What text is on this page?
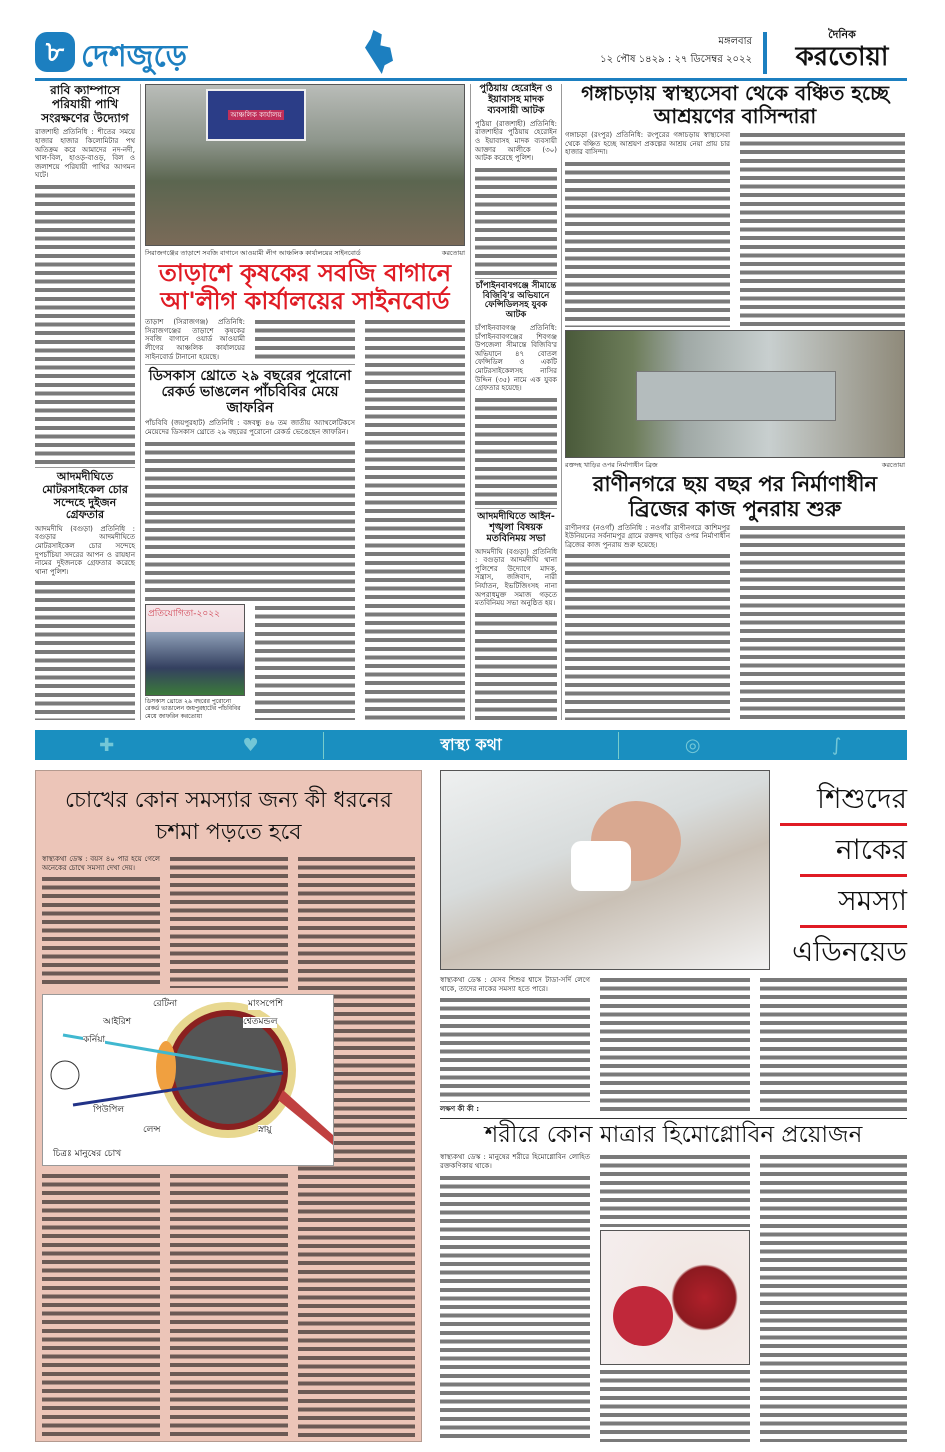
৮ দেশজুড়ে	মঙ্গলবার
১২ পৌষ ১৪২৯ : ২৭ ডিসেম্বর ২০২২
দৈনিক
করতোয়া
রাবি ক্যাম্পাসে পরিযায়ী পাখি সংরক্ষণের উদ্যোগ
রাজশাহী প্রতিনিধি : শীতের সময়ে হাজার হাজার কিলোমিটার পথ অতিক্রম করে আমাদের নদ-নদী, খাল-বিল, হাওড়-বাওড়, বিল ও জলাশয়ে পরিযায়ী পাখির আগমন ঘটে।
আদমদীঘিতে মোটরসাইকেল চোর সন্দেহে দুইজন গ্রেফতার
আদমদীঘি (বগুড়া) প্রতিনিধি : বগুড়ার আদমদীঘিতে মোটরসাইকেল চোর সন্দেহে দুপচাঁচিয়া সদরের আপন ও রায়হান নামের দুইজনকে গ্রেফতার করেছে থানা পুলিশ।
আঞ্চলিক কার্যালয়
সিরাজগঞ্জের তাড়াশে সবজি বাগানে আওয়ামী লীগ আঞ্চলিক কার্যালয়ের সাইনবোর্ড	করতোয়া
তাড়াশে কৃষকের সবজি বাগানে আ'লীগ কার্যালয়ের সাইনবোর্ড
তাড়াশ (সিরাজগঞ্জ) প্রতিনিধি: সিরাজগঞ্জের তাড়াশে কৃষকের সবজি বাগানে ওয়ার্ড আওয়ামী লীগের আঞ্চলিক কার্যালয়ের সাইনবোর্ড টানানো হয়েছে।
ডিসকাস থ্রোতে ২৯ বছরের পুরোনো রেকর্ড ভাঙলেন পাঁচবিবির মেয়ে জাফরিন
পাঁচবিবি (জয়পুরহাট) প্রতিনিধি : বঙ্গবন্ধু ৪৬ তম জাতীয় অ্যাথলেটিকসে মেয়েদের ডিসকাস থ্রোতে ২৯ বছরের পুরোনো রেকর্ড ভেঙেছেন জাফরিন।
প্রতিযোগিতা-২০২২
ডিসকাস থ্রোতে ২৯ বছরের পুরোনো রেকর্ড ভাঙালেন জয়পুরহাটের পাঁচবিবির মেয়ে জাফরিন করতোয়া
পুঠিয়ায় হেরোইন ও ইয়াবাসহ মাদক ব্যবসায়ী আটক
পুঠিয়া (রাজশাহী) প্রতিনিধি: রাজশাহীর পুঠিয়ায় হেরোইন ও ইয়াবাসহ মাদক ব্যবসায়ী আক্তার আলীকে (৩০) আটক করেছে পুলিশ।
চাঁপাইনবাবগঞ্জে সীমান্তে বিজিবি'র অভিযানে ফেন্সিডিলসহ যুবক আটক
চাঁপাইনবাবগঞ্জ প্রতিনিধি: চাঁপাইনবাবগঞ্জের শিবগঞ্জ উপজেলা সীমান্তে বিজিবি'র অভিযানে ৪৭ বোতল ফেন্সিডিল ও একটি মোটরসাইকেলসহ নাসির উদ্দিন (৩৫) নামে এক যুবক গ্রেফতার হয়েছে।
আদমদীঘিতে আইন-শৃঙ্খলা বিষয়ক মতবিনিময় সভা
আদমদীঘি (বগুড়া) প্রতিনিধি : বগুড়ার আদমদীঘি থানা পুলিশের উদ্যোগে মাদক, সন্ত্রাস, জঙ্গিবাদ, নারী নির্যাতন, ইভটিজিংসহ নানা অপরাধমুক্ত সমাজ গড়তে মতবিনিময় সভা অনুষ্ঠিত হয়।
গঙ্গাচড়ায় স্বাস্থ্যসেবা থেকে বঞ্চিত হচ্ছে আশ্রয়ণের বাসিন্দারা
গঙ্গাচড়া (রংপুর) প্রতিনিধি: রংপুরের গঙ্গাচড়ায় স্বাস্থ্যসেবা থেকে বঞ্চিত হচ্ছে আশ্রয়ণ প্রকল্পের আশ্রয় নেয়া প্রায় চার হাজার বাসিন্দা।
রক্তদহ খাড়ির ওপর নির্মাণাধীন ব্রিজ	করতোয়া
রাণীনগরে ছয় বছর পর নির্মাণাধীন ব্রিজের কাজ পুনরায় শুরু
রাণীনগর (নওগাঁ) প্রতিনিধি : নওগাঁর রাণীনগরে কাশিমপুর ইউনিয়নের সর্বনামপুর গ্রামে রক্তদহ খাড়ির ওপর নির্মাণাধীন ব্রিজের কাজ পুনরায় শুরু হয়েছে।
✚	♥	স্বাস্থ্য কথা	◎	∫
চোখের কোন সমস্যার জন্য কী ধরনের চশমা পড়তে হবে
স্বাস্থ্যকথা ডেস্ক : বয়স ৪০ পার হয়ে গেলে অনেকের চোখে সমস্যা দেখা দেয়।
রেটিনা	মাংসপেশি
আইরিশ	শ্বেতমন্ডল
কর্নিয়া
পিউপিল
লেন্স	স্নায়ু
চিত্রঃ মানুষের চোখ
শিশুদের
নাকের
সমস্যা
এডিনয়েড
স্বাস্থ্যকথা ডেস্ক : যেসব শিশুর শ্বাসে টাডা-সর্দি লেগে থাকে, তাদের নাকের সমস্যা হতে পারে।
লক্ষণ কী কী :
শরীরে কোন মাত্রার হিমোগ্লোবিন প্রয়োজন
স্বাস্থ্যকথা ডেস্ক : মানুষের শরীরে হিমোগ্লোবিন লোহিত রক্তকণিকায় থাকে।
